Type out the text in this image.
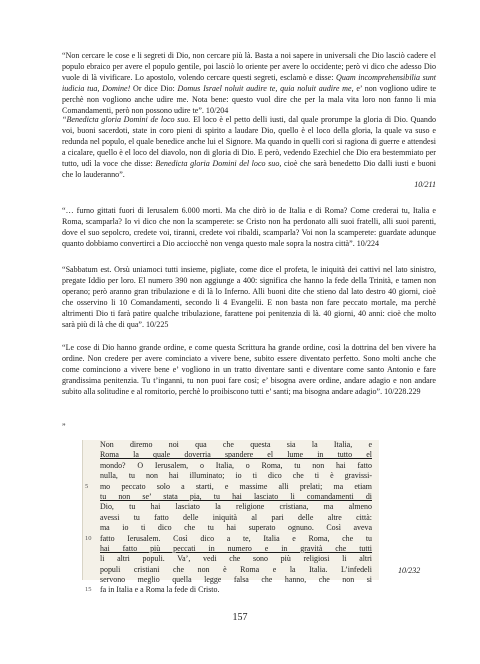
“Non cercare le cose e li segreti di Dio, non cercare più là. Basta a noi sapere in universali che Dio lasciò cadere el populo ebraico per avere el populo gentile, poi lasciò lo oriente per avere lo occidente; però vi dico che adesso Dio vuole di là vivificare. Lo apostolo, volendo cercare questi segreti, esclamò e disse: Quam incomprehensibilia sunt iudicia tua, Domine! Or dice Dio: Domus Israel noluit audire te, quia noluit audire me, e’ non vogliono udire te perchè non vogliono anche udire me. Nota bene: questo vuol dire che per la mala vita loro non fanno li mia Comandamenti, però non possono udire te”. 10/204

“Benedicta gloria Domini de loco suo. El loco è el petto delli iusti, dal quale prorumpe la gloria di Dio. Quando voi, buoni sacerdoti, state in coro pieni di spirito a laudare Dio, quello è el loco della gloria, la quale va suso e redunda nel populo, el quale benedice anche lui el Signore. Ma quando in quelli cori si ragiona di guerre e attendesi a cicalare, quello è el loco del diavolo, non di gloria di Dio. E però, vedendo Ezechiel che Dio era bestemmiato per tutto, udì la voce che disse: Benedicta gloria Domini del loco suo, cioè che sarà benedetto Dio dalli iusti e buoni che lo lauderanno”.

10/211

“… furno gittati fuori di Ierusalem 6.000 morti. Ma che dirò io de Italia e di Roma? Come crederai tu, Italia e Roma, scamparla? Io vi dico che non la scamperete: se Cristo non ha perdonato alli suoi fratelli, alli suoi parenti, dove el suo sepolcro, credete voi, tiranni, credete voi ribaldi, scamparla? Voi non la scamperete: guardate adunque quanto dobbiamo convertirci a Dio acciocchè non venga questo male sopra la nostra città”. 10/224

“Sabbatum est. Orsù uniamoci tutti insieme, pigliate, come dice el profeta, le iniquità dei cattivi nel lato sinistro, pregate Iddio per loro. El numero 390 non aggiunge a 400: significa che hanno la fede della Trinità, e tamen non operano; però aranno gran tribulazione e di là lo Inferno. Alli buoni dite che stieno dal lato destro 40 giorni, cioè che osservino li 10 Comandamenti, secondo li 4 Evangelii. E non basta non fare peccato mortale, ma perchè altrimenti Dio ti farà patire qualche tribulazione, farattene poi penitenzia di là. 40 giorni, 40 anni: cioè che molto sarà più di là che di qua”. 10/225

“Le cose di Dio hanno grande ordine, e come questa Scrittura ha grande ordine, così la dottrina del ben vivere ha ordine. Non credere per avere cominciato a vivere bene, subito essere diventato perfetto. Sono molti anche che come cominciono a vivere bene e’ vogliono in un tratto diventare santi e diventare come santo Antonio e fare grandissima penitenzia. Tu t’inganni, tu non puoi fare così; e’ bisogna avere ordine, andare adagio e non andare subito alla solitudine e al romitorio, perchè lo proibiscono tutti e’ santi; ma bisogna andare adagio”. 10/228.229

”

Non diremo noi qua che questa sia la Italia, e
Roma la quale doverria spandere el lume in tutto el
mondo? O Ierusalem, o Italia, o Roma, tu non hai fatto
nulla, tu non hai illuminato; io ti dico che ti è gravissi-
5 mo peccato solo a starti, e massime alli prelati; ma etiam
tu non se’ stata pia, tu hai lasciato li comandamenti di
Dio, tu hai lasciato la religione cristiana, ma almeno
avessi tu fatto delle iniquità al pari delle altre città:
ma io ti dico che tu hai superato ognuno. Così aveva
10 fatto Ierusalem. Così dico a te, Italia e Roma, che tu
hai fatto più peccati in numero e in gravità che tutti
li altri populi. Va’, vedi che sono più religiosi li altri
populi cristiani che non è Roma e la Italia. L’infedeli
servono meglio quella legge falsa che hanno, che non si
15 fa in Italia e a Roma la fede di Cristo.
10/232
157
